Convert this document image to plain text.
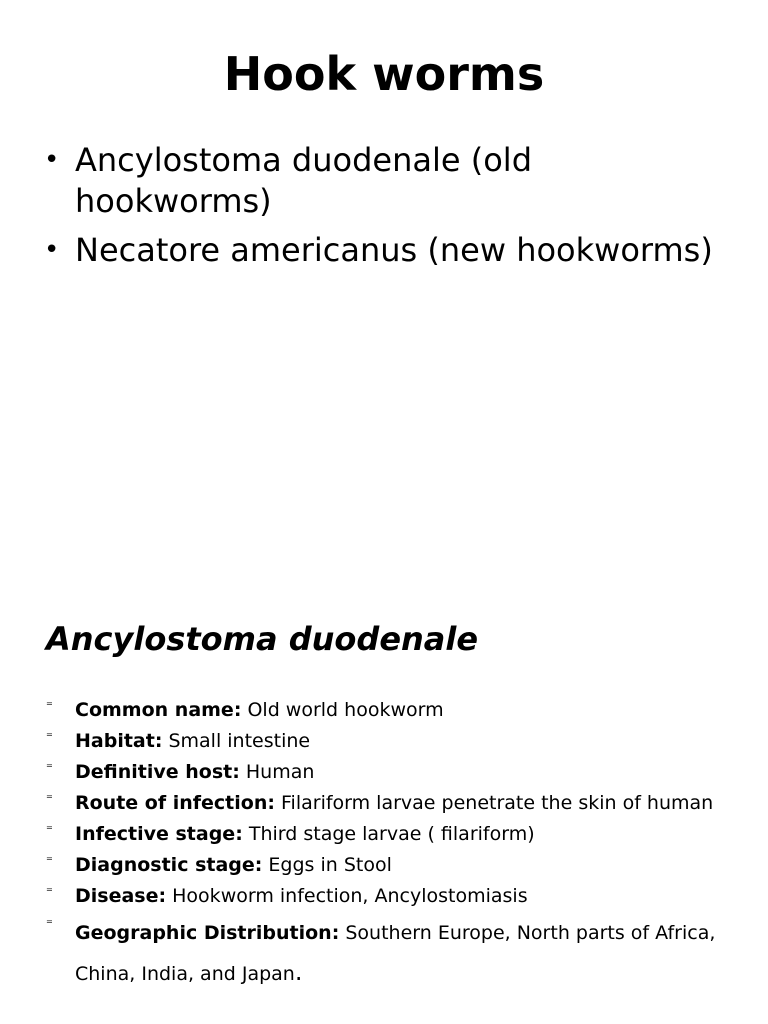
Hook worms
• Ancylostoma duodenale (old hookworms)
• Necatore americanus (new hookworms)
Ancylostoma duodenale
⁼ Common name: Old world hookworm
⁼ Habitat: Small intestine
⁼ Definitive host: Human
⁼ Route of infection: Filariform larvae penetrate the skin of human
⁼ Infective stage: Third stage larvae ( filariform)
⁼ Diagnostic stage: Eggs in Stool
⁼ Disease: Hookworm infection, Ancylostomiasis
⁼ Geographic Distribution: Southern Europe, North parts of Africa, China, India, and Japan.
